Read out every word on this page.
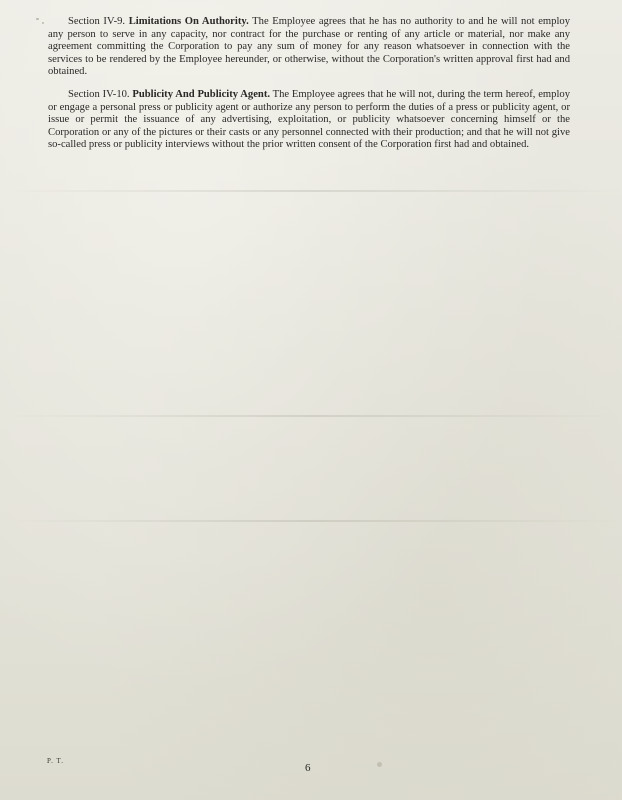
Section IV-9. Limitations On Authority. The Employee agrees that he has no authority to and he will not employ any person to serve in any capacity, nor contract for the purchase or renting of any article or material, nor make any agreement committing the Corporation to pay any sum of money for any reason whatsoever in connection with the services to be rendered by the Employee hereunder, or otherwise, without the Corporation's written approval first had and obtained.

Section IV-10. Publicity And Publicity Agent. The Employee agrees that he will not, during the term hereof, employ or engage a personal press or publicity agent or authorize any person to perform the duties of a press or publicity agent, or issue or permit the issuance of any advertising, exploitation, or publicity whatsoever concerning himself or the Corporation or any of the pictures or their casts or any personnel connected with their production; and that he will not give so-called press or publicity interviews without the prior written consent of the Corporation first had and obtained.

P. T.
6
